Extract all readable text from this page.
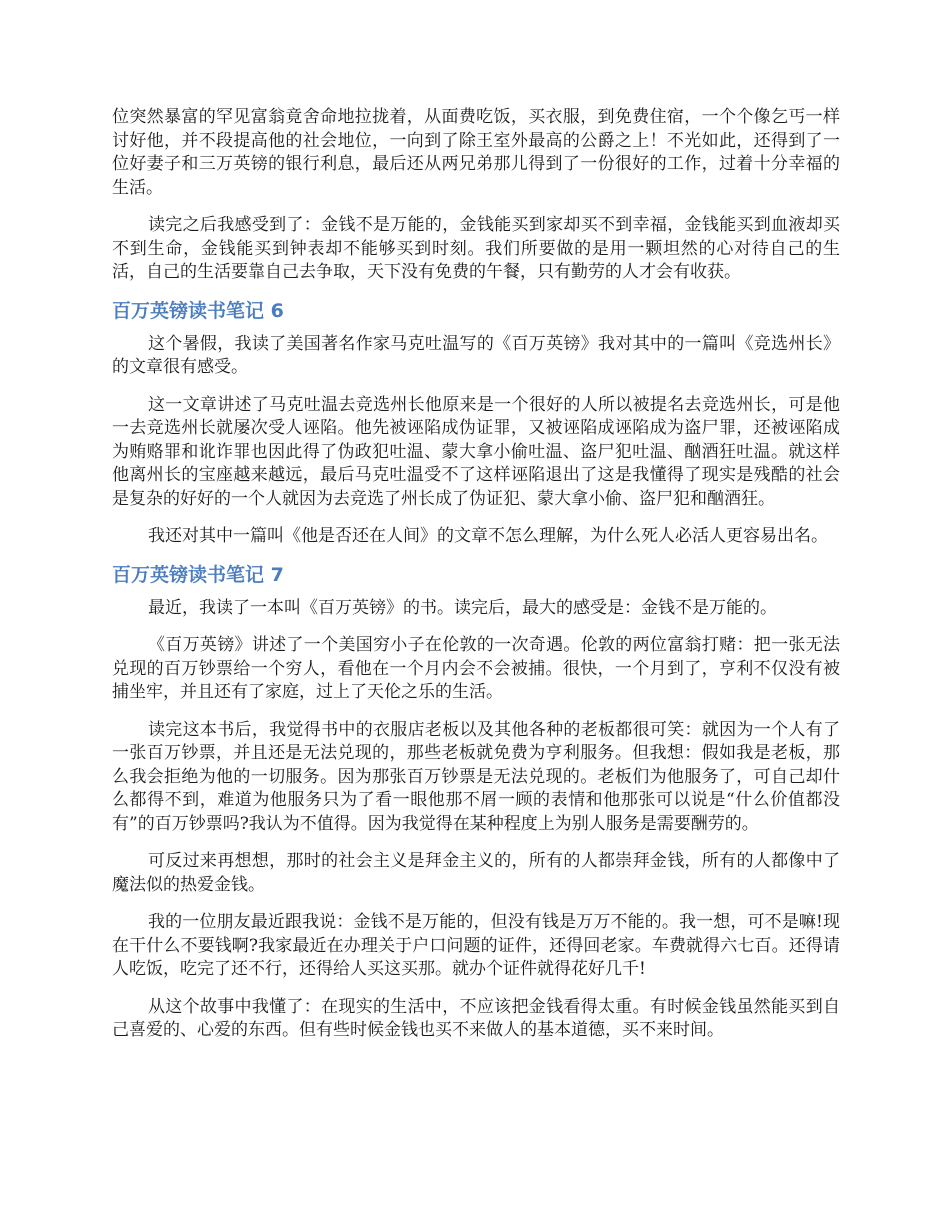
位突然暴富的罕见富翁竟舍命地拉拢着，从面费吃饭，买衣服，到免费住宿，一个个像乞丐一样讨好他，并不段提高他的社会地位，一向到了除王室外最高的公爵之上！不光如此，还得到了一位好妻子和三万英镑的银行利息，最后还从两兄弟那儿得到了一份很好的工作，过着十分幸福的生活。

读完之后我感受到了：金钱不是万能的，金钱能买到家却买不到幸福，金钱能买到血液却买不到生命，金钱能买到钟表却不能够买到时刻。我们所要做的是用一颗坦然的心对待自己的生活，自己的生活要靠自己去争取，天下没有免费的午餐，只有勤劳的人才会有收获。

百万英镑读书笔记 6

这个暑假，我读了美国著名作家马克吐温写的《百万英镑》我对其中的一篇叫《竞选州长》的文章很有感受。

这一文章讲述了马克吐温去竞选州长他原来是一个很好的人所以被提名去竞选州长，可是他一去竞选州长就屡次受人诬陷。他先被诬陷成伪证罪，又被诬陷成诬陷成为盗尸罪，还被诬陷成为贿赂罪和讹诈罪也因此得了伪政犯吐温、蒙大拿小偷吐温、盗尸犯吐温、酗酒狂吐温。就这样他离州长的宝座越来越远，最后马克吐温受不了这样诬陷退出了这是我懂得了现实是残酷的社会是复杂的好好的一个人就因为去竞选了州长成了伪证犯、蒙大拿小偷、盗尸犯和酗酒狂。

我还对其中一篇叫《他是否还在人间》的文章不怎么理解，为什么死人必活人更容易出名。

百万英镑读书笔记 7

最近，我读了一本叫《百万英镑》的书。读完后，最大的感受是：金钱不是万能的。

《百万英镑》讲述了一个美国穷小子在伦敦的一次奇遇。伦敦的两位富翁打赌：把一张无法兑现的百万钞票给一个穷人，看他在一个月内会不会被捕。很快，一个月到了，亨利不仅没有被捕坐牢，并且还有了家庭，过上了天伦之乐的生活。

读完这本书后，我觉得书中的衣服店老板以及其他各种的老板都很可笑：就因为一个人有了一张百万钞票，并且还是无法兑现的，那些老板就免费为亨利服务。但我想：假如我是老板，那么我会拒绝为他的一切服务。因为那张百万钞票是无法兑现的。老板们为他服务了，可自己却什么都得不到，难道为他服务只为了看一眼他那不屑一顾的表情和他那张可以说是“什么价值都没有”的百万钞票吗?我认为不值得。因为我觉得在某种程度上为别人服务是需要酬劳的。

可反过来再想想，那时的社会主义是拜金主义的，所有的人都崇拜金钱，所有的人都像中了魔法似的热爱金钱。

我的一位朋友最近跟我说：金钱不是万能的，但没有钱是万万不能的。我一想，可不是嘛!现在干什么不要钱啊?我家最近在办理关于户口问题的证件，还得回老家。车费就得六七百。还得请人吃饭，吃完了还不行，还得给人买这买那。就办个证件就得花好几千!

从这个故事中我懂了：在现实的生活中，不应该把金钱看得太重。有时候金钱虽然能买到自己喜爱的、心爱的东西。但有些时候金钱也买不来做人的基本道德，买不来时间。
